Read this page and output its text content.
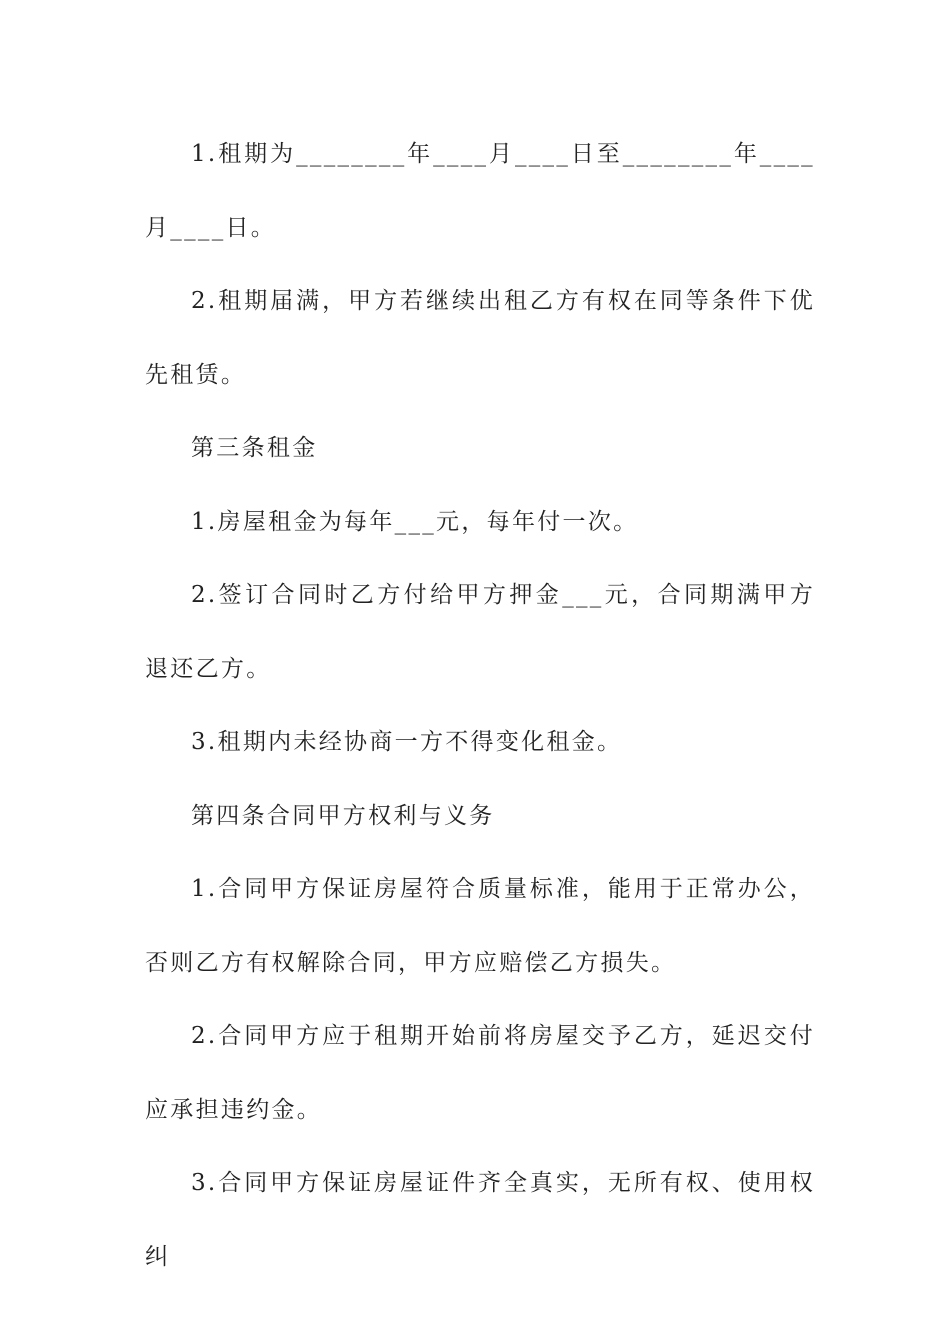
1.租期为________年____月____日至________年____月____日。

2.租期届满，甲方若继续出租乙方有权在同等条件下优先租赁。

第三条租金

1.房屋租金为每年___元，每年付一次。

2.签订合同时乙方付给甲方押金___元，合同期满甲方退还乙方。

3.租期内未经协商一方不得变化租金。

第四条合同甲方权利与义务

1.合同甲方保证房屋符合质量标准，能用于正常办公，否则乙方有权解除合同，甲方应赔偿乙方损失。

2.合同甲方应于租期开始前将房屋交予乙方，延迟交付应承担违约金。

3.合同甲方保证房屋证件齐全真实，无所有权、使用权纠
